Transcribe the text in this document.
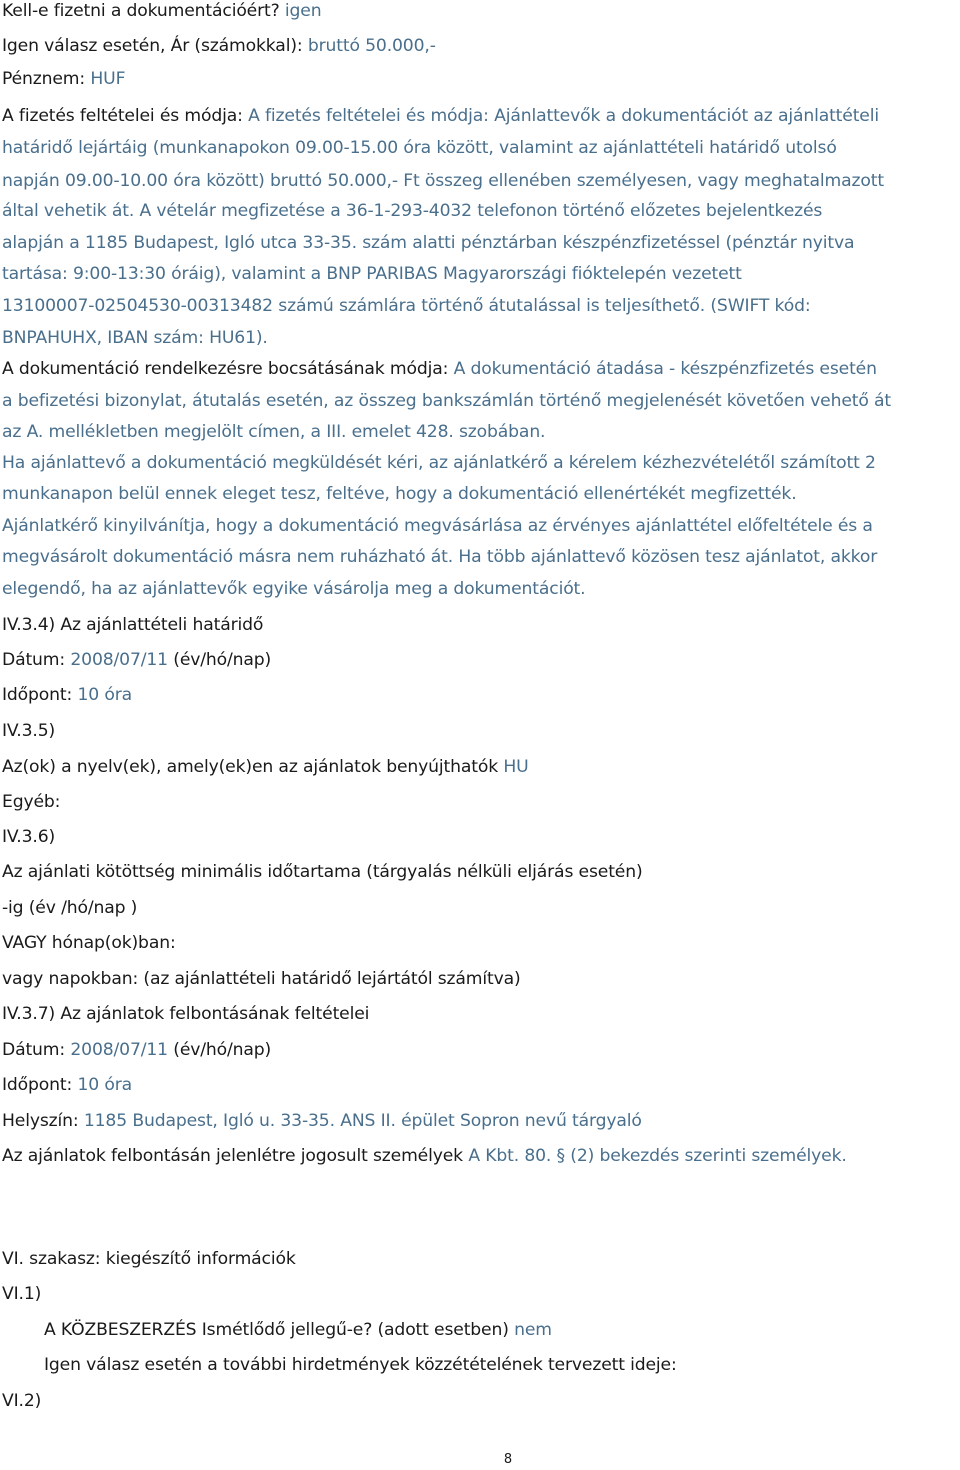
Kell-e fizetni a dokumentációért? igen
Igen válasz esetén, Ár (számokkal): bruttó 50.000,-
Pénznem: HUF
A fizetés feltételei és módja: A fizetés feltételei és módja: Ajánlattevők a dokumentációt az ajánlattételi
határidő lejártáig (munkanapokon 09.00-15.00 óra között, valamint az ajánlattételi határidő utolsó
napján 09.00-10.00 óra között) bruttó 50.000,- Ft összeg ellenében személyesen, vagy meghatalmazott
által vehetik át. A vételár megfizetése a 36-1-293-4032 telefonon történő előzetes bejelentkezés
alapján a 1185 Budapest, Igló utca 33-35. szám alatti pénztárban készpénzfizetéssel (pénztár nyitva
tartása: 9:00-13:30 óráig), valamint a BNP PARIBAS Magyarországi fióktelepén vezetett
13100007-02504530-00313482 számú számlára történő átutalással is teljesíthető. (SWIFT kód:
BNPAHUHX, IBAN szám: HU61).
A dokumentáció rendelkezésre bocsátásának módja: A dokumentáció átadása - készpénzfizetés esetén
a befizetési bizonylat, átutalás esetén, az összeg bankszámlán történő megjelenését követően vehető át
az A. mellékletben megjelölt címen, a III. emelet 428. szobában.
Ha ajánlattevő a dokumentáció megküldését kéri, az ajánlatkérő a kérelem kézhezvételétől számított 2
munkanapon belül ennek eleget tesz, feltéve, hogy a dokumentáció ellenértékét megfizették.
Ajánlatkérő kinyilvánítja, hogy a dokumentáció megvásárlása az érvényes ajánlattétel előfeltétele és a
megvásárolt dokumentáció másra nem ruházható át. Ha több ajánlattevő közösen tesz ajánlatot, akkor
elegendő, ha az ajánlattevők egyike vásárolja meg a dokumentációt.
IV.3.4) Az ajánlattételi határidő
Dátum: 2008/07/11 (év/hó/nap)
Időpont: 10 óra
IV.3.5)
Az(ok) a nyelv(ek), amely(ek)en az ajánlatok benyújthatók HU
Egyéb:
IV.3.6)
Az ajánlati kötöttség minimális időtartama (tárgyalás nélküli eljárás esetén)
-ig (év /hó/nap )
VAGY hónap(ok)ban:
vagy napokban: (az ajánlattételi határidő lejártától számítva)
IV.3.7) Az ajánlatok felbontásának feltételei
Dátum: 2008/07/11 (év/hó/nap)
Időpont: 10 óra
Helyszín: 1185 Budapest, Igló u. 33-35. ANS II. épület Sopron nevű tárgyaló
Az ajánlatok felbontásán jelenlétre jogosult személyek A Kbt. 80. § (2) bekezdés szerinti személyek.
VI. szakasz: kiegészítő információk
VI.1)
A KÖZBESZERZÉS Ismétlődő jellegű-e? (adott esetben) nem
Igen válasz esetén a további hirdetmények közzétételének tervezett ideje:
VI.2)
8
